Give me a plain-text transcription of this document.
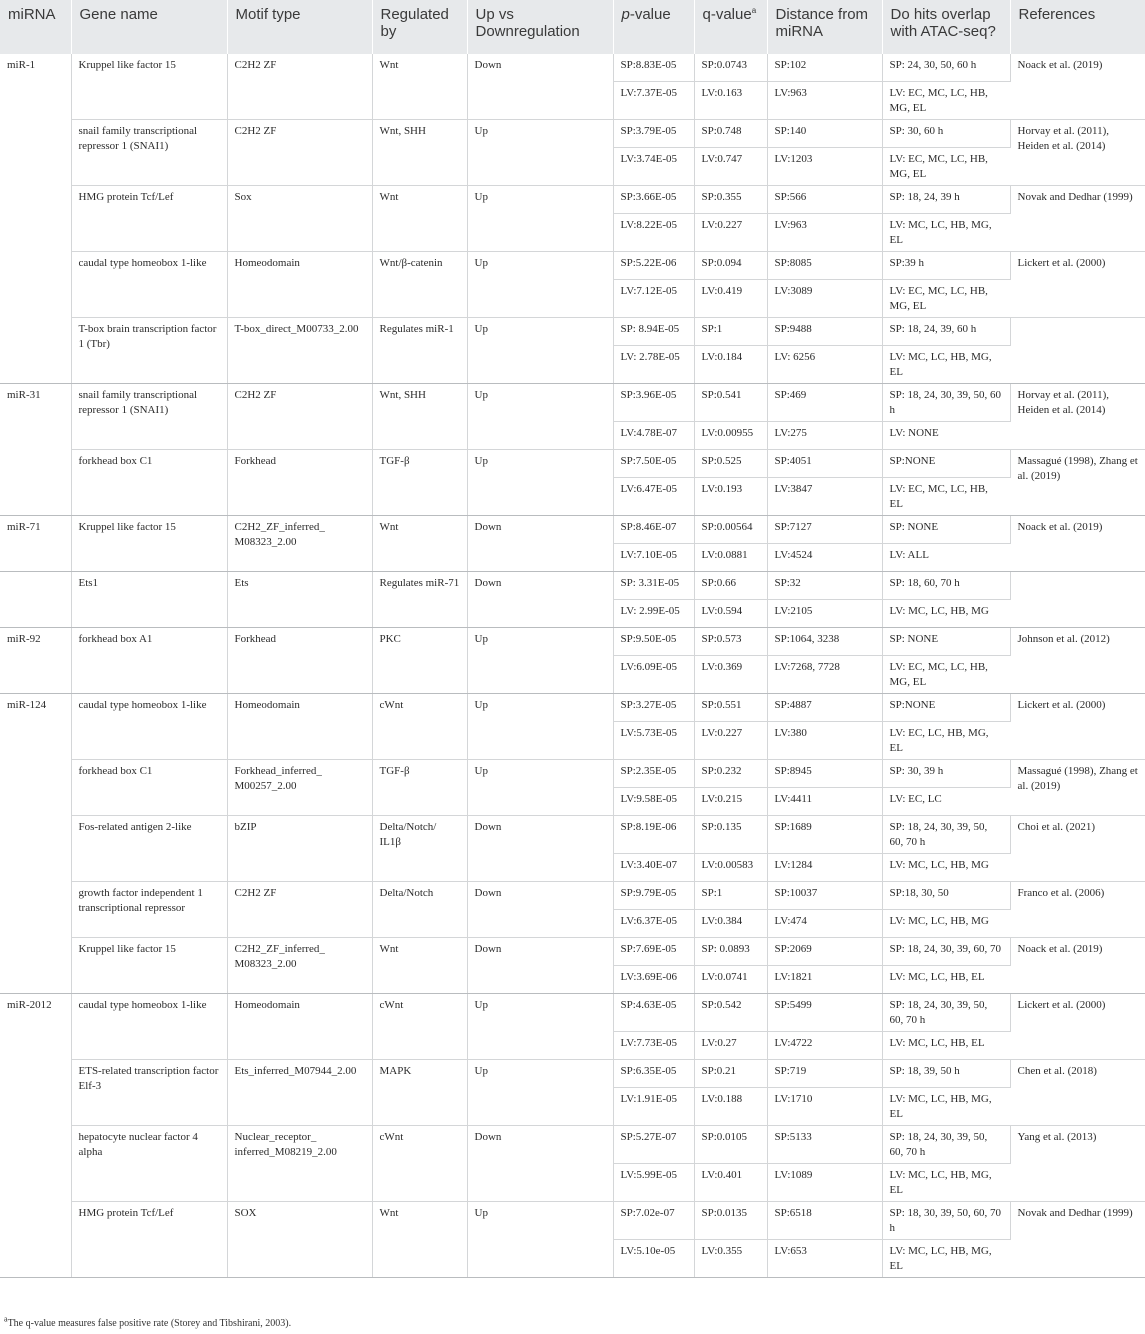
miRNA	Gene name	Motif type	Regulated by	Up vs Downregulation	p-value	q-value$^a$	Distance from miRNA	Do hits overlap with ATAC-seq?	References
miR-1	Kruppel like factor 15	C2H2 ZF	Wnt	Down	SP:8.83E-05	SP:0.0743	SP:102	SP: 24, 30, 50, 60 h	Noack et al. (2019)
					LV:7.37E-05	LV:0.163	LV:963	LV: EC, MC, LC, HB, MG, EL	
	snail family transcriptional repressor 1 (SNAI1)	C2H2 ZF	Wnt, SHH	Up	SP:3.79E-05	SP:0.748	SP:140	SP: 30, 60 h	Horvay et al. (2011), Heiden et al. (2014)
					LV:3.74E-05	LV:0.747	LV:1203	LV: EC, MC, LC, HB, MG, EL	
	HMG protein Tcf/Lef	Sox	Wnt	Up	SP:3.66E-05	SP:0.355	SP:566	SP: 18, 24, 39 h	Novak and Dedhar (1999)
					LV:8.22E-05	LV:0.227	LV:963	LV: MC, LC, HB, MG, EL	
	caudal type homeobox 1-like	Homeodomain	Wnt/β-catenin	Up	SP:5.22E-06	SP:0.094	SP:8085	SP:39 h	Lickert et al. (2000)
					LV:7.12E-05	LV:0.419	LV:3089	LV: EC, MC, LC, HB, MG, EL	
	T-box brain transcription factor 1 (Tbr)	T-box_direct_M00733_2.00	Regulates miR-1	Up	SP: 8.94E-05	SP:1	SP:9488	SP: 18, 24, 39, 60 h	
					LV: 2.78E-05	LV:0.184	LV: 6256	LV: MC, LC, HB, MG, EL	
miR-31	snail family transcriptional repressor 1 (SNAI1)	C2H2 ZF	Wnt, SHH	Up	SP:3.96E-05	SP:0.541	SP:469	SP: 18, 24, 30, 39, 50, 60 h	Horvay et al. (2011), Heiden et al. (2014)
					LV:4.78E-07	LV:0.00955	LV:275	LV: NONE	
	forkhead box C1	Forkhead	TGF-β	Up	SP:7.50E-05	SP:0.525	SP:4051	SP:NONE	Massagué (1998), Zhang et al. (2019)
					LV:6.47E-05	LV:0.193	LV:3847	LV: EC, MC, LC, HB, EL	
miR-71	Kruppel like factor 15	C2H2_ZF_inferred_ M08323_2.00	Wnt	Down	SP:8.46E-07	SP:0.00564	SP:7127	SP: NONE	Noack et al. (2019)
					LV:7.10E-05	LV:0.0881	LV:4524	LV: ALL	
	Ets1	Ets	Regulates miR-71	Down	SP: 3.31E-05	SP:0.66	SP:32	SP: 18, 60, 70 h	
					LV: 2.99E-05	LV:0.594	LV:2105	LV: MC, LC, HB, MG	
miR-92	forkhead box A1	Forkhead	PKC	Up	SP:9.50E-05	SP:0.573	SP:1064, 3238	SP: NONE	Johnson et al. (2012)
					LV:6.09E-05	LV:0.369	LV:7268, 7728	LV: EC, MC, LC, HB, MG, EL	
miR-124	caudal type homeobox 1-like	Homeodomain	cWnt	Up	SP:3.27E-05	SP:0.551	SP:4887	SP:NONE	Lickert et al. (2000)
					LV:5.73E-05	LV:0.227	LV:380	LV: EC, LC, HB, MG, EL	
	forkhead box C1	Forkhead_inferred_ M00257_2.00	TGF-β	Up	SP:2.35E-05	SP:0.232	SP:8945	SP: 30, 39 h	Massagué (1998), Zhang et al. (2019)
					LV:9.58E-05	LV:0.215	LV:4411	LV: EC, LC	
	Fos-related antigen 2-like	bZIP	Delta/Notch/ IL1β	Down	SP:8.19E-06	SP:0.135	SP:1689	SP: 18, 24, 30, 39, 50, 60, 70 h	Choi et al. (2021)
					LV:3.40E-07	LV:0.00583	LV:1284	LV: MC, LC, HB, MG	
	growth factor independent 1 transcriptional repressor	C2H2 ZF	Delta/Notch	Down	SP:9.79E-05	SP:1	SP:10037	SP:18, 30, 50	Franco et al. (2006)
					LV:6.37E-05	LV:0.384	LV:474	LV: MC, LC, HB, MG	
	Kruppel like factor 15	C2H2_ZF_inferred_ M08323_2.00	Wnt	Down	SP:7.69E-05	SP: 0.0893	SP:2069	SP: 18, 24, 30, 39, 60, 70	Noack et al. (2019)
					LV:3.69E-06	LV:0.0741	LV:1821	LV: MC, LC, HB, EL	
miR-2012	caudal type homeobox 1-like	Homeodomain	cWnt	Up	SP:4.63E-05	SP:0.542	SP:5499	SP: 18, 24, 30, 39, 50, 60, 70 h	Lickert et al. (2000)
					LV:7.73E-05	LV:0.27	LV:4722	LV: MC, LC, HB, EL	
	ETS-related transcription factor Elf-3	Ets_inferred_M07944_2.00	MAPK	Up	SP:6.35E-05	SP:0.21	SP:719	SP: 18, 39, 50 h	Chen et al. (2018)
					LV:1.91E-05	LV:0.188	LV:1710	LV: MC, LC, HB, MG, EL	
	hepatocyte nuclear factor 4 alpha	Nuclear_receptor_ inferred_M08219_2.00	cWnt	Down	SP:5.27E-07	SP:0.0105	SP:5133	SP: 18, 24, 30, 39, 50, 60, 70 h	Yang et al. (2013)
					LV:5.99E-05	LV:0.401	LV:1089	LV: MC, LC, HB, MG, EL	
	HMG protein Tcf/Lef	SOX	Wnt	Up	SP:7.02e-07	SP:0.0135	SP:6518	SP: 18, 30, 39, 50, 60, 70 h	Novak and Dedhar (1999)
					LV:5.10e-05	LV:0.355	LV:653	LV: MC, LC, HB, MG, EL	
$^a$The q-value measures false positive rate (Storey and Tibshirani, 2003).
